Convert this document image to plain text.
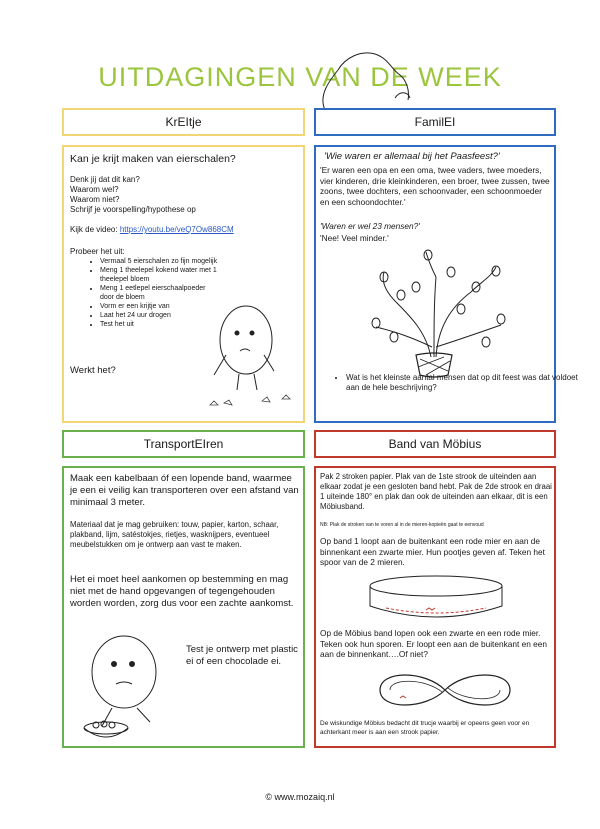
UITDAGINGEN VAN DE WEEK
KrEItje	FamilEI
TransportEIren	Band van Möbius
Kan je krijt maken van eierschalen?
Denk jij dat dit kan?
Waarom wel?
Waarom niet?
Schrijf je voorspelling/hypothese op
Kijk de video: https://youtu.be/veQ7Ow868CM
Probeer het uit:
• Vermaal 5 eierschalen zo fijn mogelijk
• Meng 1 theelepel kokend water met 1 theelepel bloem
• Meng 1 eetlepel eierschaalpoeder door de bloem
• Vorm er een krijtje van
• Laat het 24 uur drogen
• Test het uit
Werkt het?
'Wie waren er allemaal bij het Paasfeest?'
'Er waren een opa en een oma, twee vaders, twee moeders, vier kinderen, drie kleinkinderen, een broer, twee zussen, twee zoons, twee dochters, een schoonvader, een schoonmoeder en een schoondochter.'
'Waren er wel 23 mensen?'
'Nee! Veel minder.'
• Wat is het kleinste aantal mensen dat op dit feest was dat voldoet aan de hele beschrijving?
Maak een kabelbaan óf een lopende band, waarmee je een ei veilig kan transporteren over een afstand van minimaal 3 meter.
Materiaal dat je mag gebruiken: touw, papier, karton, schaar, plakband, lijm, satéstokjes, rietjes, wasknijpers, eventueel meubelstukken om je ontwerp aan vast te maken.
Het ei moet heel aankomen op bestemming en mag niet met de hand opgevangen of tegengehouden worden worden, zorg dus voor een zachte aankomst.
Test je ontwerp met plastic ei of een chocolade ei.
Pak 2 stroken papier. Plak van de 1ste strook de uiteinden aan elkaar zodat je een gesloten band hebt. Pak de 2de strook en draai 1 uiteinde 180° en plak dan ook de uiteinden aan elkaar, dit is een Möbiusband.
NB: Plak de stroken van te voren al in de mieren-kopieën gaat te eenvoud
Op band 1 loopt aan de buitenkant een rode mier en aan de binnenkant een zwarte mier. Hun pootjes geven af. Teken het spoor van de 2 mieren.
Op de Möbius band lopen ook een zwarte en een rode mier. Teken ook hun sporen. Er loopt een aan de buitenkant en een aan de binnenkant….Of niet?
De wiskundige Möbius bedacht dit trucje waarbij er opeens geen voor en achterkant meer is aan een strook papier.
© www.mozaiq.nl
